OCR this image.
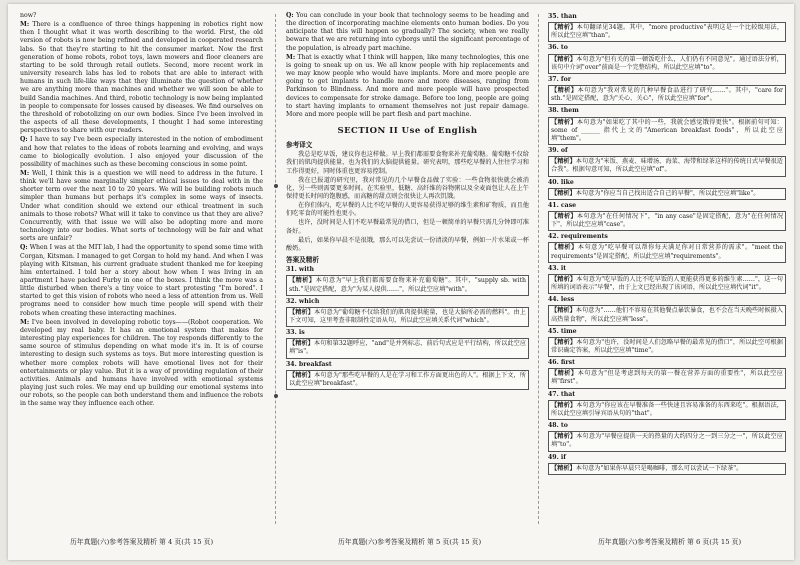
now?
M: There is a confluence of three things happening in robotics right now then I thought what it was worth describing to the world. First, the old version of robots is now being refined and developed in cooperated research labs. So that they're starting to hit the consumer market. Now the first generation of home robots, robot toys, lawn mowers and floor cleaners are starting to be sold through retail outlets. Second, more recent work in university research labs has led to robots that are able to interact with humans in such life-like ways that they illuminate the question of whether we are anything more than machines and whether we will soon be able to build Sandia machines. And third, robotic technology is now being implanted in people to compensate for losses caused by diseases. We find ourselves on the threshold of robotolizing on our own bodies. Since I've been involved in the aspects of all these developments, I thought I had some interesting perspectives to share with our readers.
Q: I have to say I've been especially interested in the notion of embodiment and how that relates to the ideas of robots learning and evolving, and ways came to biologically evolution. I also enjoyed your discussion of the possibility of machines such as these becoming conscious in some point.
M: Well, I think this is a question we will need to address in the future. I think we'll have some marginally simpler ethical issues to deal with in the shorter term over the next 10 to 20 years. We will be building robots much simpler than humans but perhaps it's complex in some ways of insects. Under what condition should we extend our ethical treatment in such animals to those robots? What will it take to convince us that they are alive? Concurrently, with that issue we will also be adopting more and more technology into our bodies. What sorts of technology will be fair and what sorts are unfair?
Q: When I was at the MIT lab, I had the opportunity to spend some time with Corgan, Kitsman. I managed to get Corgan to hold my hand. And when I was playing with Kitsman, his current graduate student thanked me for keeping him entertained. I told her a story about how when I was living in an apartment I have packed Furby in one of the boxes. I think the move was a little disturbed when there's a tiny voice to start protesting "I'm bored". I started to get this vision of robots who need a less of attention from us. Well programs need to consider how much time people will spend with their robots when creating these interacting machines.
M: I've been involved in developing robotic toys——(Robot cooperation. We developed my real baby. It has an emotional system that makes for interesting play experiences for children. The toy responds differently to the same source of stimulus depending on what mode it's in. It is of course interesting to design such systems as toys. But more interesting question is whether more complex robots will have emotional lives not for their entertainments or play value. But it is a way of providing regulation of their activities. Animals and humans have involved with emotional systems playing just such roles. We may end up building our emotional systems into our robots, so the people can both understand them and influence the robots in the same way they influence each other.
Q: You can conclude in your book that technology seems to be heading and the direction of incorporating machine elements onto human bodies. Do you anticipate that this will happen so gradually? The society, when we really beware that we are returning into cyborgs until the significant percentage of the population, is already part machine.
M: That is exactly what I think will happen, like many technologies, this one is going to sneak up on us. We all know people with hip replacements and we may know people who would have implants. More and more people are going to get implants to handle more and more diseases, ranging from Parkinson to Blindness. And more and more people will have prospected devices to compensate for stroke damage. Before too long, people are going to start having implants to ornament themselves not just repair damage. More and more people will be part flesh and part machine.
SECTION II Use of English
参考译文
我总是吃早饭，建议你也这样做。早上我们都需要食物来补充葡萄糖。葡萄糖不仅给我们的肌肉提供能量，也为我们的大脑提供能量。研究表明，那些吃早餐的人往往学习和工作得更好，同时体重也更容易控制。
我在已报道的研究里，我对常见的几个早餐食品做了实验：一些食物很快就会被消化，另一些则需要更多时间。在实验里，低糖、高纤维的谷物粥以及全麦面包让人在上午保持更长时间的饱腹感，而高糖的甜点则会很快让人再次饥饿。
在你们体内，吃早餐的人比不吃早餐的人更容易获得足够的维生素和矿物质，而且他们吃零食的可能性也更小。
也许，没时间是人们不吃早餐最常见的借口，但是一顿简单的早餐只需几分钟即可准备好。
最后，如果你早晨不是很饿，那么可以先尝试一份清淡的早餐，例如一片水果或一杯酸奶。
答案及精析
31. with
【精析】本句意为"早上我们都需要食物来补充葡萄糖"。其中，"supply sb. with sth."是固定搭配，意为"为某人提供……"，所以此空应填"with"。
32. which
【精析】本句意为"葡萄糖不仅给我们的肌肉提供能量，也是大脑所必需的燃料"。由上下文可知，这里考查非限制性定语从句，所以此空应填关系代词"which"。
33. is
【精析】本句和第32题呼应，"and"是并列标志，前后句式应是平行结构，所以此空应填"is"。
34. breakfast
【精析】本句意为"那些吃早餐的人是在学习和工作方面更出色的人"。根据上下文，所以此空应填"breakfast"。
35. than
【精析】本句翻译见34题。其中，"more productive"表明这是一个比较级用法，所以此空应填"than"。
36. to
【精析】本句意为"但有关的第一顿饭吃什么，人们仍有不同意见"。通过语法分析，该句中介词"over"前面是一个完整结构，所以此空应填"to"。
37. for
【精析】本句意为"我对常见的几种早餐食品进行了研究……"。其中，"care for sth."是固定搭配，意为"关心、关心"，所以此空应填"for"。
38. them
【精析】本句意为"如果吃了其中的一些，我就会感觉饿得更快"。根据前句可知：some of ______ 指代上文的"American breakfast foods"，所以此空应填"them"。
39. of
【精析】本句意为"米饭、燕麦、味增汤、海菜、海带和绿茶这样的传统日式早餐很适合我"。根据句意可知，所以此空应填"of"。
40. like
【精析】本句意为"你应当自己找出适合自己的早餐"，所以此空应填"like"。
41. case
【精析】本句意为"在任何情况下"，"in any case"是固定搭配，意为"在任何情况下"，所以此空应填"case"。
42. requirements
【精析】本句意为"吃早餐可以帮你每天满足你对日常营养的需求"。"meet the requirements"是固定搭配，所以此空应填"requirements"。
43. it
【精析】本句意为"吃早饭的人比不吃早饭的人更能获得更多的维生素……"，这一句所填的词语表示"早餐"，由于上文已经出现了该词语，所以此空应填代词"it"。
44. less
【精析】本句意为"……他们不容易在其他餐点暴饮暴食，也不会在当天晚些时候摄入高热量食物"，所以此空应填"less"。
45. time
【精析】本句意为"也许，没时间是人们忽略早餐的最常见的借口"，所以此空可根据常识确定答案，所以此空应填"time"。
46. first
【精析】本句意为"但是考虑到每天的第一餐在营养方面的重要性"，所以此空应填"first"。
47. that
【精析】本句意为"你应该在早餐准备一些快速且容易准备的东西来吃"。根据语法，所以此空应填引导宾语从句的"that"。
48. to
【精析】本句意为"早餐应提供一天的热量的大约四分之一到三分之一"，所以此空应填"to"。
49. if
【精析】本句意为"如果你早晨只是喝咖啡，那么可以尝试一下绿茶"。
历年真题(六)参考答案及精析 第 4 页(共 15 页)	历年真题(六)参考答案及精析 第 5 页(共 15 页)	历年真题(六)参考答案及精析 第 6 页(共 15 页)
